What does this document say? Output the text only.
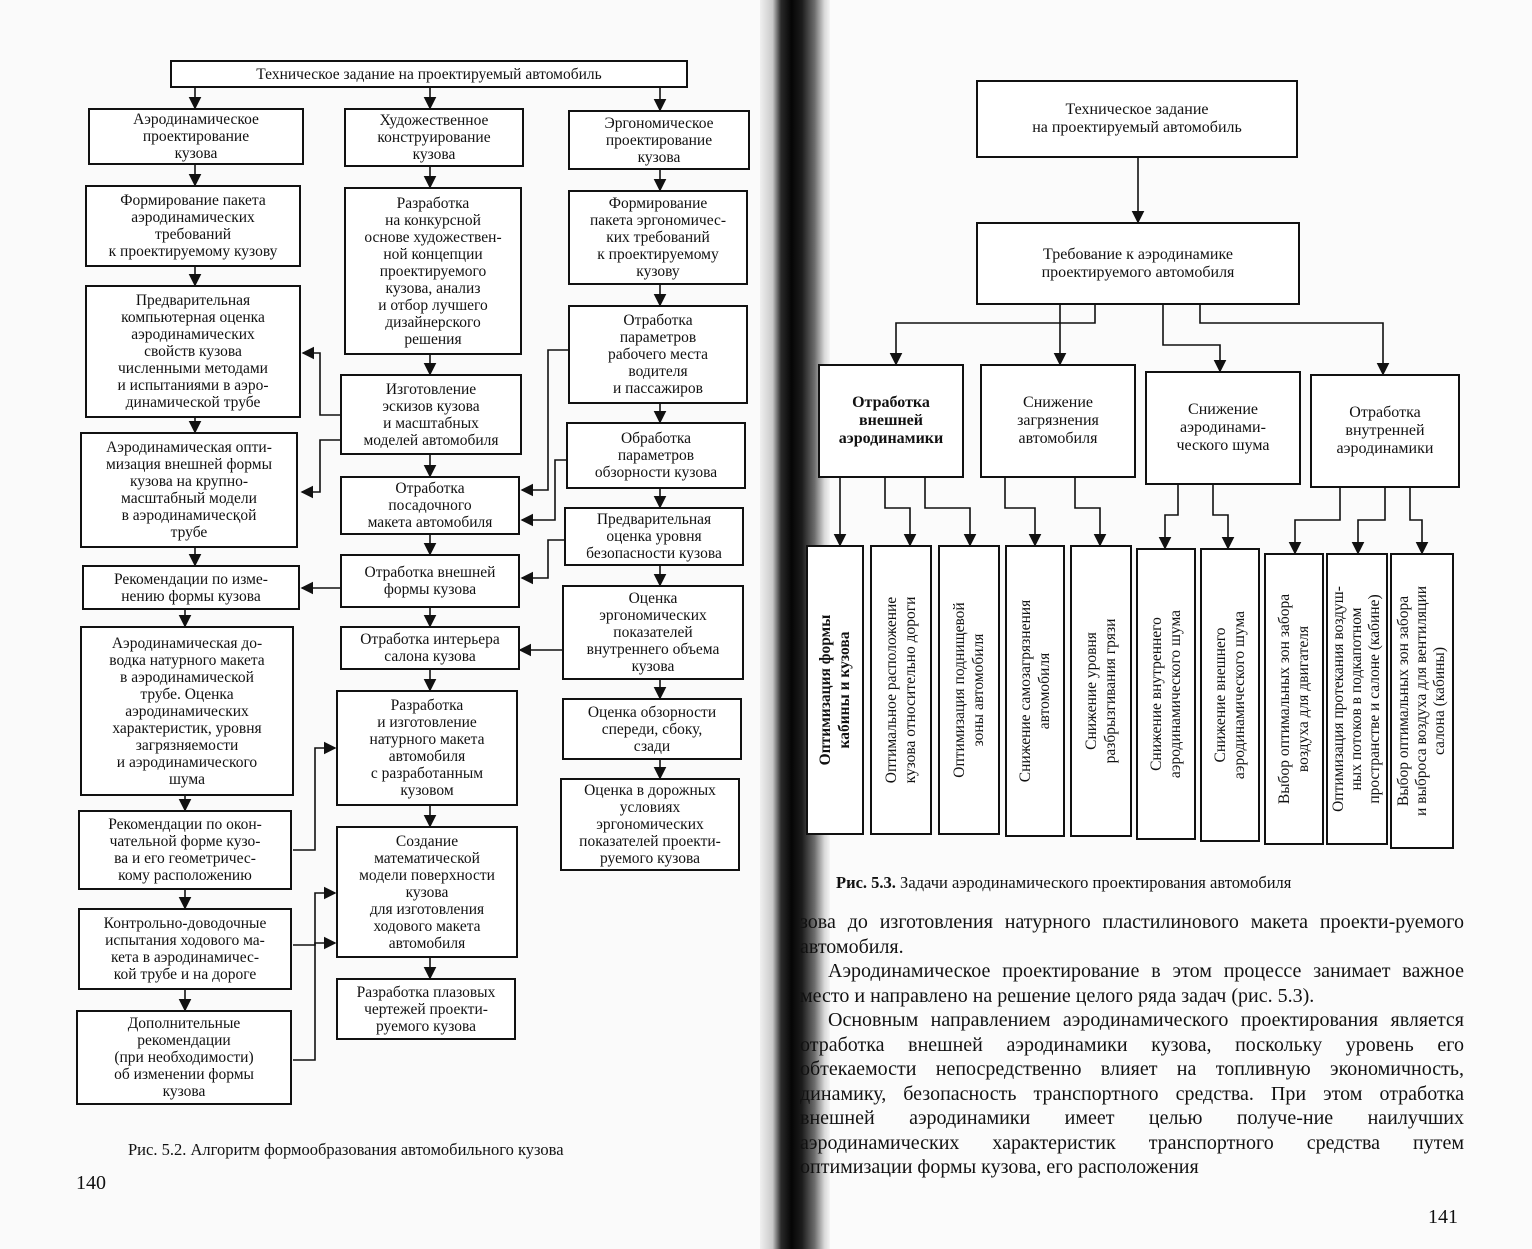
Техническое задание на проектируемый автомобиль
Аэродинамическое
проектирование
кузова
Формирование пакета
аэродинамических
требований
к проектируемому кузову
Предварительная
компьютерная оценка
аэродинамических
свойств кузова
численными методами
и испытаниями в аэро-
динамической трубе
Аэродинамическая опти-
мизация внешней формы
кузова на крупно-
масштабный модели
в аэродинамичесқой
трубе
Рекомендации по изме-
нению формы кузова
Аэродинамическая до-
водка натурного макета
в аэродинамической
трубе. Оценка
аэродинамических
характеристик, уровня
загрязняемости
и аэродинамического
шума
Рекомендации по окон-
чательной форме кузо-
ва и его геометричес-
кому расположению
Контрольно-доводочные
испытания ходового ма-
кета в аэродинамичес-
кой трубе и на дороге
Дополнительные
рекомендации
(при необходимости)
об изменении формы
кузова
Художественное
конструирование
кузова
Разработка
на конкурсной
основе художествен-
ной концепции
проектируемого
кузова, анализ
и отбор лучшего
дизайнерского
решения
Изготовление
эскизов кузова
и масштабных
моделей автомобиля
Отработка
посадочного
макета автомобиля
Отработка внешней
формы кузова
Отработка интерьера
салона кузова
Разработка
и изготовление
натурного макета
автомобиля
с разработанным
кузовом
Создание
математической
модели поверхности
кузова
для изготовления
ходового макета
автомобиля
Разработка плазовых
чертежей проекти-
руемого кузова
Эргономическое
проектирование
кузова
Формирование
пакета эргономичес-
ких требований
к проектируемому
кузову
Отработка
параметров
рабочего места
водителя
и пассажиров
Обработка
параметров
обзорности кузова
Предварительная
оценка уровня
безопасности кузова
Оценка
эргономических
показателей
внутреннего объема
кузова
Оценка обзорности
спереди, сбоку,
сзади
Оценка в дорожных
условиях
эргономических
показателей проекти-
руемого кузова
Рис. 5.2. Алгоритм формообразования автомобильного кузова
140
Техническое задание
на проектируемый автомобиль
Требование к аэродинамике
проектируемого автомобиля
Отработка
внешней
аэродинамики
Снижение
загрязнения
автомобиля
Снижение
аэродинами-
ческого шума
Отработка
внутренней
аэродинамики
Оптимизация формы
кабины и кузова
Оптимальное расположение
кузова относительно дороги
Оптимизация поднищевой
зоны автомобиля
Снижение самозагрязнения
автомобиля Снижение уровня
разбрызгивания грязи
Снижение внутреннего
аэродинамического шума
Снижение внешнего
аэродинамического шума
Выбор оптимальных зон забора
воздуха для двигателя
Оптимизация протекания воздуш-
ных потоков в подкапотном
пространстве и салоне (кабине)
Выбор оптимальных зон забора
и выброса воздуха для вентиляции
салона (кабины)
Рис. 5.3. Задачи аэродинамического проектирования автомобиля

зова до изготовления натурного пластилинового макета проекти-руемого автомобиля.

Аэродинамическое проектирование в этом процессе занимает важное место и направлено на решение целого ряда задач (рис. 5.3).

Основным направлением аэродинамического проектирования является отработка внешней аэродинамики кузова, поскольку уровень его обтекаемости непосредственно влияет на топливную экономичность, динамику, безопасность транспортного средства. При этом отработка внешней аэродинамики имеет целью получе-ние наилучших аэродинамических характеристик транспортного средства путем оптимизации формы кузова, его расположения

141
